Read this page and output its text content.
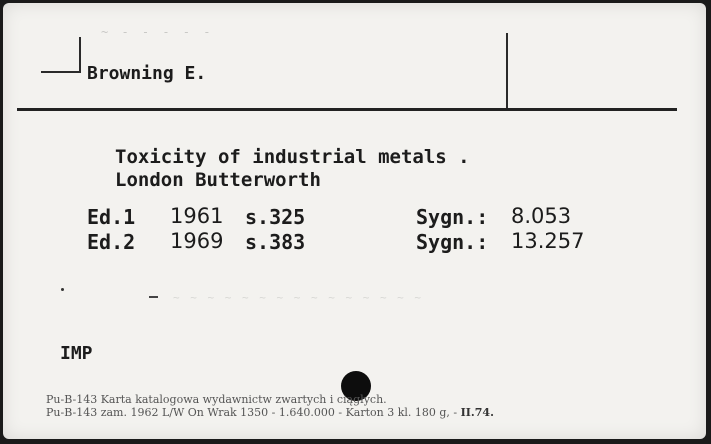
~ - - - - -
Browning E.
Toxicity of industrial metals .
London Butterworth
Ed.1 1961 s.325	Sygn.: 8.053
Ed.2 1969 s.383	Sygn.: 13.257
~ ~ ~ ~ ~ ~ ~ ~ ~ ~ ~ ~ ~ ~ ~
IMP
Pu-B-143 Karta katalogowa wydawnictw zwartych i ciągłych.
Pu-B-143 zam. 1962 L/W On Wrak 1350 - 1.640.000 - Karton 3 kl. 180 g, - II.74.
